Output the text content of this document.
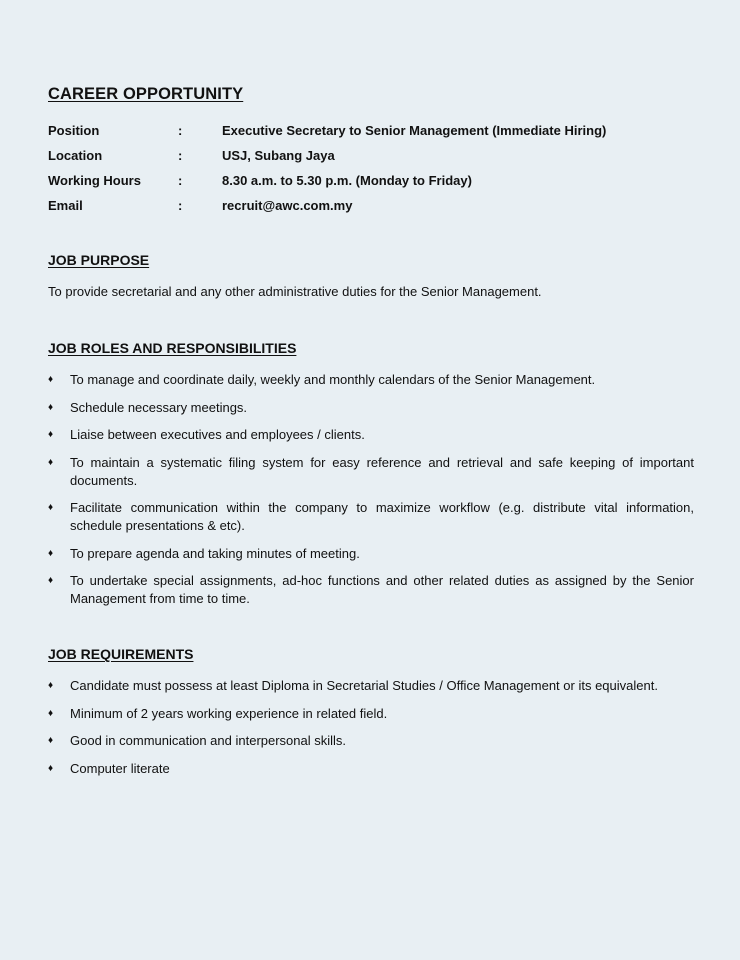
CAREER OPPORTUNITY
Position	:	Executive Secretary to Senior Management (Immediate Hiring)
Location	:	USJ, Subang Jaya
Working Hours	:	8.30 a.m. to 5.30 p.m. (Monday to Friday)
Email	:	recruit@awc.com.my
JOB PURPOSE

To provide secretarial and any other administrative duties for the Senior Management.

JOB ROLES AND RESPONSIBILITIES
♦ To manage and coordinate daily, weekly and monthly calendars of the Senior Management.
♦ Schedule necessary meetings.
♦ Liaise between executives and employees / clients.
♦ To maintain a systematic filing system for easy reference and retrieval and safe keeping of important documents.
♦ Facilitate communication within the company to maximize workflow (e.g. distribute vital information, schedule presentations & etc).
♦ To prepare agenda and taking minutes of meeting.
♦ To undertake special assignments, ad-hoc functions and other related duties as assigned by the Senior Management from time to time.
JOB REQUIREMENTS
♦ Candidate must possess at least Diploma in Secretarial Studies / Office Management or its equivalent.
♦ Minimum of 2 years working experience in related field.
♦ Good in communication and interpersonal skills.
♦ Computer literate
